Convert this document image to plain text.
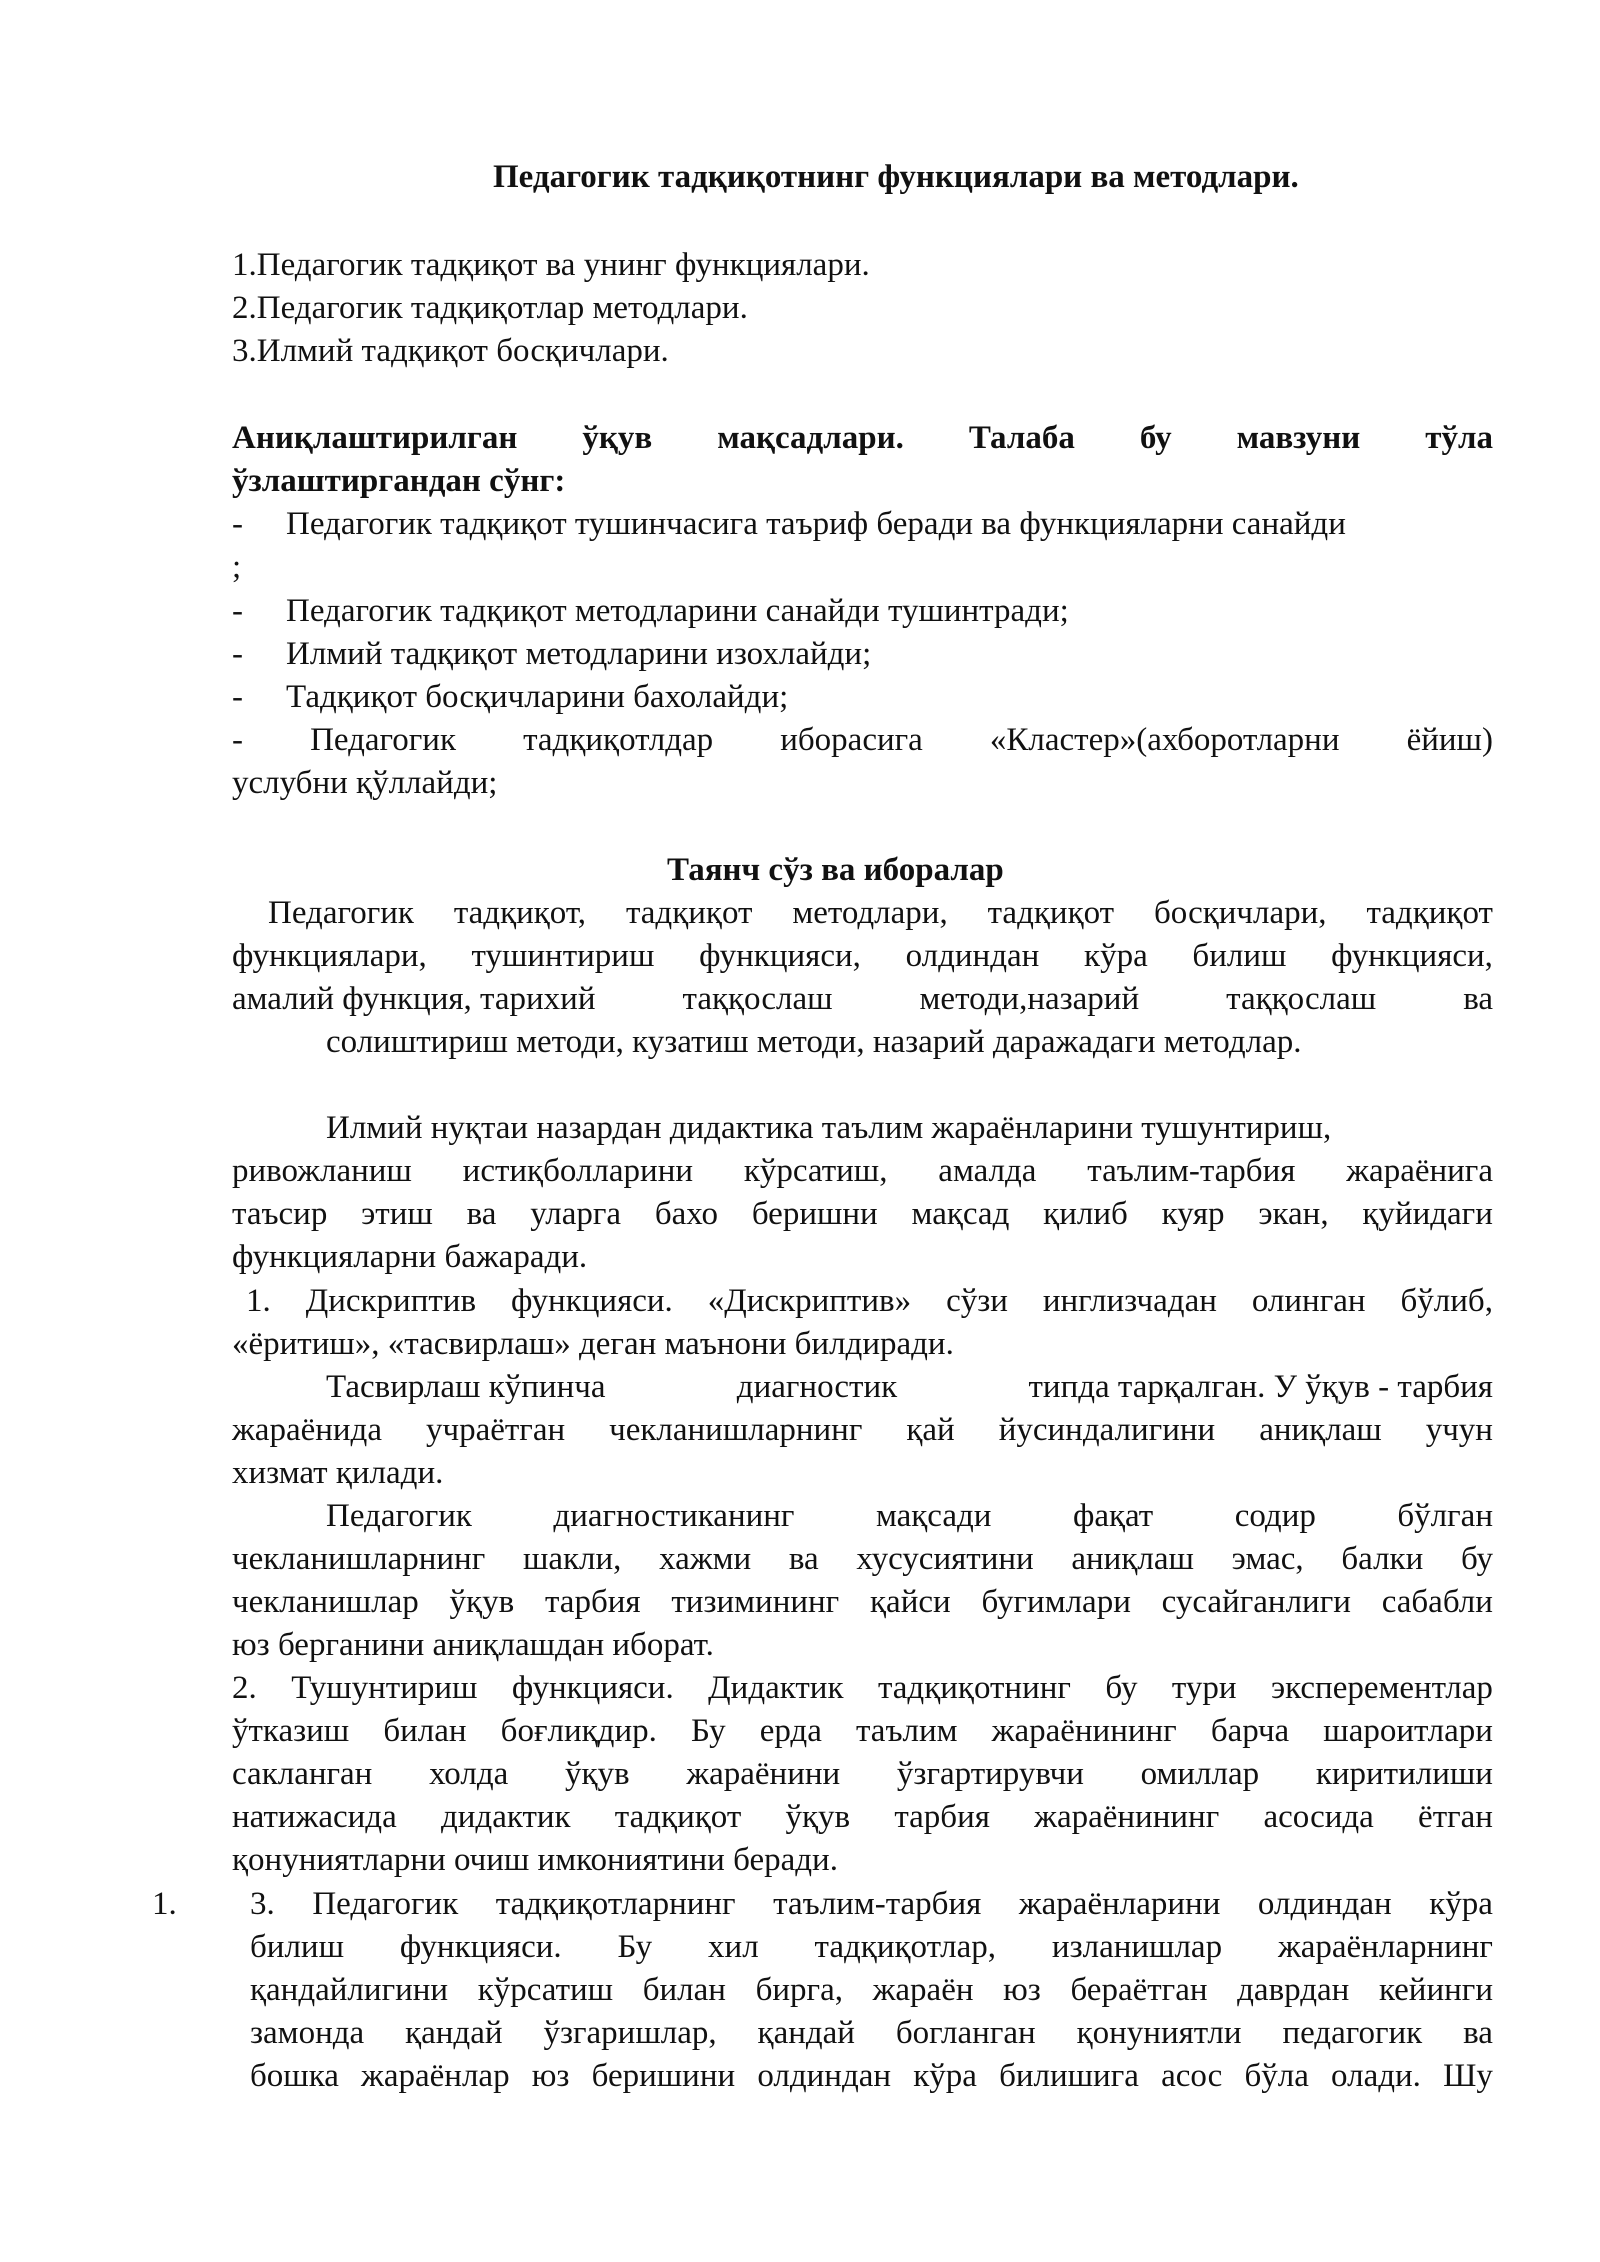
Педагогик тадқиқотнинг функциялари ва методлари.
1.Педагогик тадқиқот ва унинг функциялари.
2.Педагогик тадқиқотлар методлари.
3.Илмий тадқиқот босқичлари.
Аниқлаштирилган ўқув мақсадлари. Талаба бу мавзуни тўла
ўзлаштиргандан сўнг:
- Педагогик тадқиқотлдар иборасига «Кластер»(ахборотларни ёйиш)
услубни қўллайди;
Таянч сўз ва иборалар
Педагогик тадқиқот, тадқиқот методлари, тадқиқот босқичлари, тадқиқот
функциялари, тушинтириш функцияси, олдиндан кўра билиш функцияси,
амалий функция, тарихий	таққослаш	методи,назарий	таққослаш	ва
солиштириш методи, кузатиш методи, назарий даражадаги методлар.
Илмий нуқтаи назардан дидактика таълим жараёнларини тушунтириш,
ривожланиш истиқболларини кўрсатиш, амалда таълим-тарбия жараёнига
таъсир этиш ва уларга бахо беришни мақсад қилиб куяр экан, қуйидаги
функцияларни бажаради.
1. Дискриптив функцияси. «Дискриптив» сўзи инглизчадан олинган бўлиб,
«ёритиш», «тасвирлаш» деган маънони билдиради.
Тасвирлаш кўпинча	диагностик	типда тарқалган. У ўқув - тарбия
жараёнида учраётган чекланишларнинг қай йусиндалигини аниқлаш учун
хизмат қилади.
Педагогик диагностиканинг мақсади фақат содир бўлган
чекланишларнинг шакли, хажми ва хусусиятини аниқлаш эмас, балки бу
чекланишлар ўқув тарбия тизимининг қайси бугимлари сусайганлиги сабабли
юз берганини аниқлашдан иборат.
2. Тушунтириш функцияси. Дидактик тадқиқотнинг бу тури эксперементлар
ўтказиш билан боғлиқдир. Бу ерда таълим жараёнининг барча шароитлари
сакланган холда ўқув жараёнини ўзгартирувчи омиллар киритилиши
натижасида дидактик тадқиқот ўқув тарбия жараёнининг асосида ётган
қонуниятларни очиш имкониятини беради.
1. 3. Педагогик тадқиқотларнинг таълим-тарбия жараёнларини олдиндан кўра
билиш функцияси. Бу хил тадқиқотлар, изланишлар жараёнларнинг
қандайлигини кўрсатиш билан бирга, жараён юз бераётган даврдан кейинги
замонда қандай ўзгаришлар, қандай богланган қонуниятли педагогик ва
бошка жараёнлар юз беришини олдиндан кўра билишига асос бўла олади. Шу
- Педагогик тадқиқот тушинчасига таъриф беради ва функцияларни санайди
;
- Педагогик тадқиқот методларини санайди тушинтради;
- Илмий тадқиқот методларини изохлайди;
- Тадқиқот босқичларини бахолайди;
